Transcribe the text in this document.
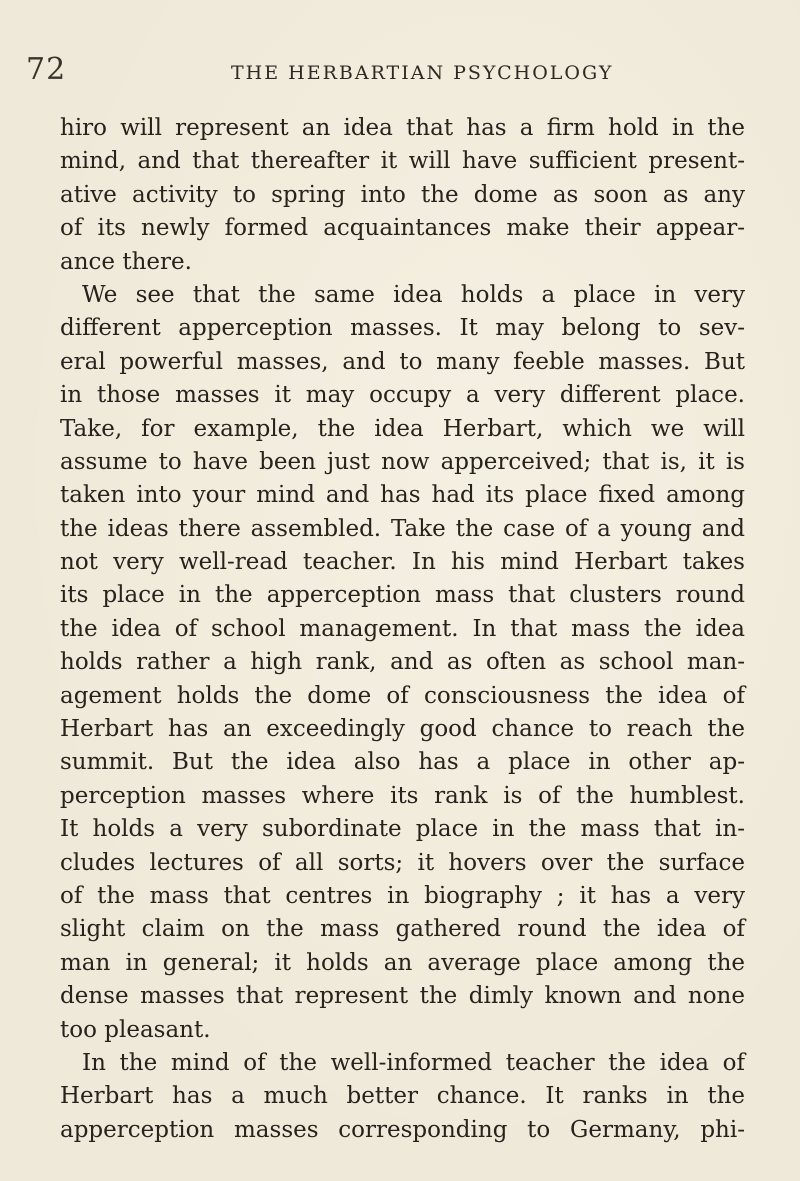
72	THE HERBARTIAN PSYCHOLOGY
hiro will represent an idea that has a firm hold in the
mind, and that thereafter it will have sufficient present-
ative activity to spring into the dome as soon as any
of its newly formed acquaintances make their appear-
ance there.
We see that the same idea holds a place in very
different apperception masses. It may belong to sev-
eral powerful masses, and to many feeble masses. But
in those masses it may occupy a very different place.
Take, for example, the idea Herbart, which we will
assume to have been just now apperceived; that is, it is
taken into your mind and has had its place fixed among
the ideas there assembled. Take the case of a young and
not very well-read teacher. In his mind Herbart takes
its place in the apperception mass that clusters round
the idea of school management. In that mass the idea
holds rather a high rank, and as often as school man-
agement holds the dome of consciousness the idea of
Herbart has an exceedingly good chance to reach the
summit. But the idea also has a place in other ap-
perception masses where its rank is of the humblest.
It holds a very subordinate place in the mass that in-
cludes lectures of all sorts; it hovers over the surface
of the mass that centres in biography ; it has a very
slight claim on the mass gathered round the idea of
man in general; it holds an average place among the
dense masses that represent the dimly known and none
too pleasant.
In the mind of the well-informed teacher the idea of
Herbart has a much better chance. It ranks in the
apperception masses corresponding to Germany, phi-
